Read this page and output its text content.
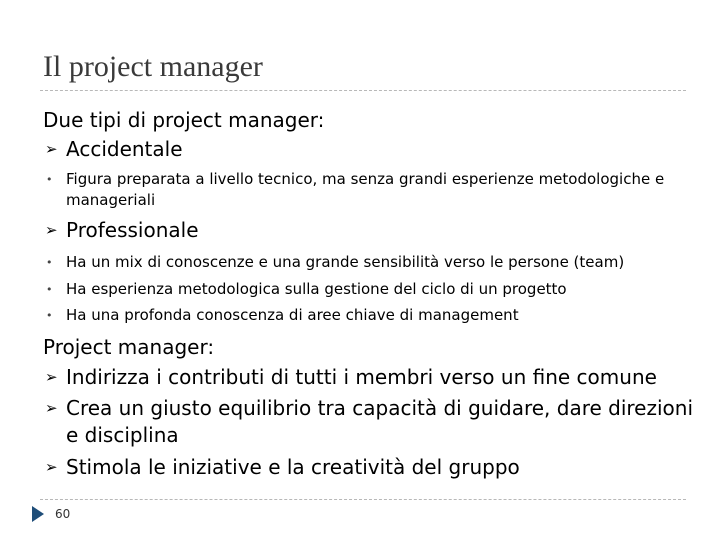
Il project manager
Due tipi di project manager:
➢ Accidentale
• Figura preparata a livello tecnico, ma senza grandi esperienze metodologiche e
manageriali
➢ Professionale
• Ha un mix di conoscenze e una grande sensibilità verso le persone (team)
• Ha esperienza metodologica sulla gestione del ciclo di un progetto
• Ha una profonda conoscenza di aree chiave di management
Project manager:
➢ Indirizza i contributi di tutti i membri verso un fine comune
➢ Crea un giusto equilibrio tra capacità di guidare, dare direzioni
e disciplina
➢ Stimola le iniziative e la creatività del gruppo
60
